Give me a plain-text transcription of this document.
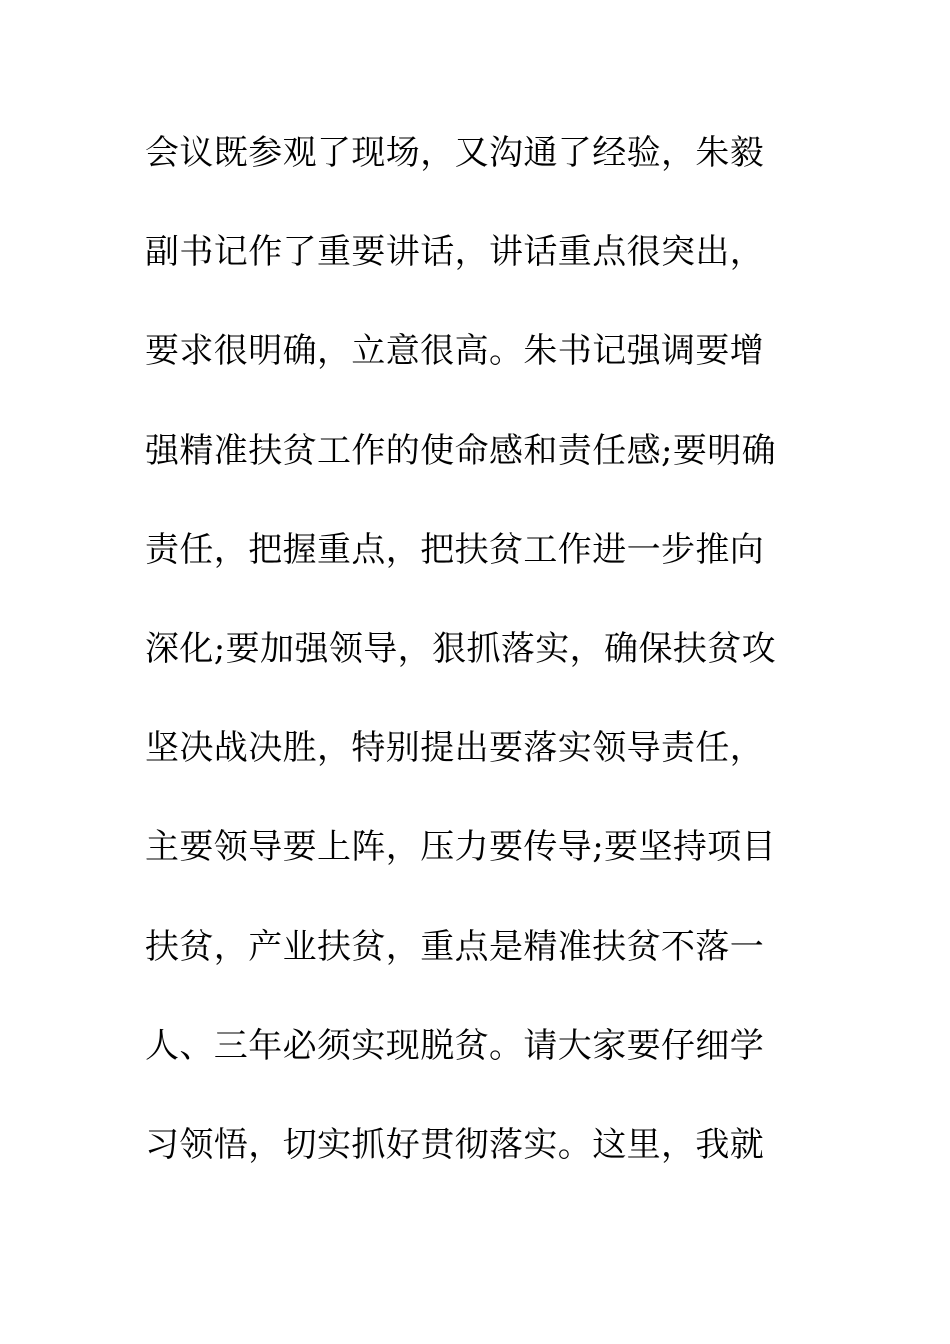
会议既参观了现场，又沟通了经验，朱毅
副书记作了重要讲话，讲话重点很突出，
要求很明确，立意很高。朱书记强调要增
强精准扶贫工作的使命感和责任感;要明确
责任，把握重点，把扶贫工作进一步推向
深化;要加强领导，狠抓落实，确保扶贫攻
坚决战决胜，特别提出要落实领导责任，
主要领导要上阵，压力要传导;要坚持项目
扶贫，产业扶贫，重点是精准扶贫不落一
人、三年必须实现脱贫。请大家要仔细学
习领悟，切实抓好贯彻落实。这里，我就
